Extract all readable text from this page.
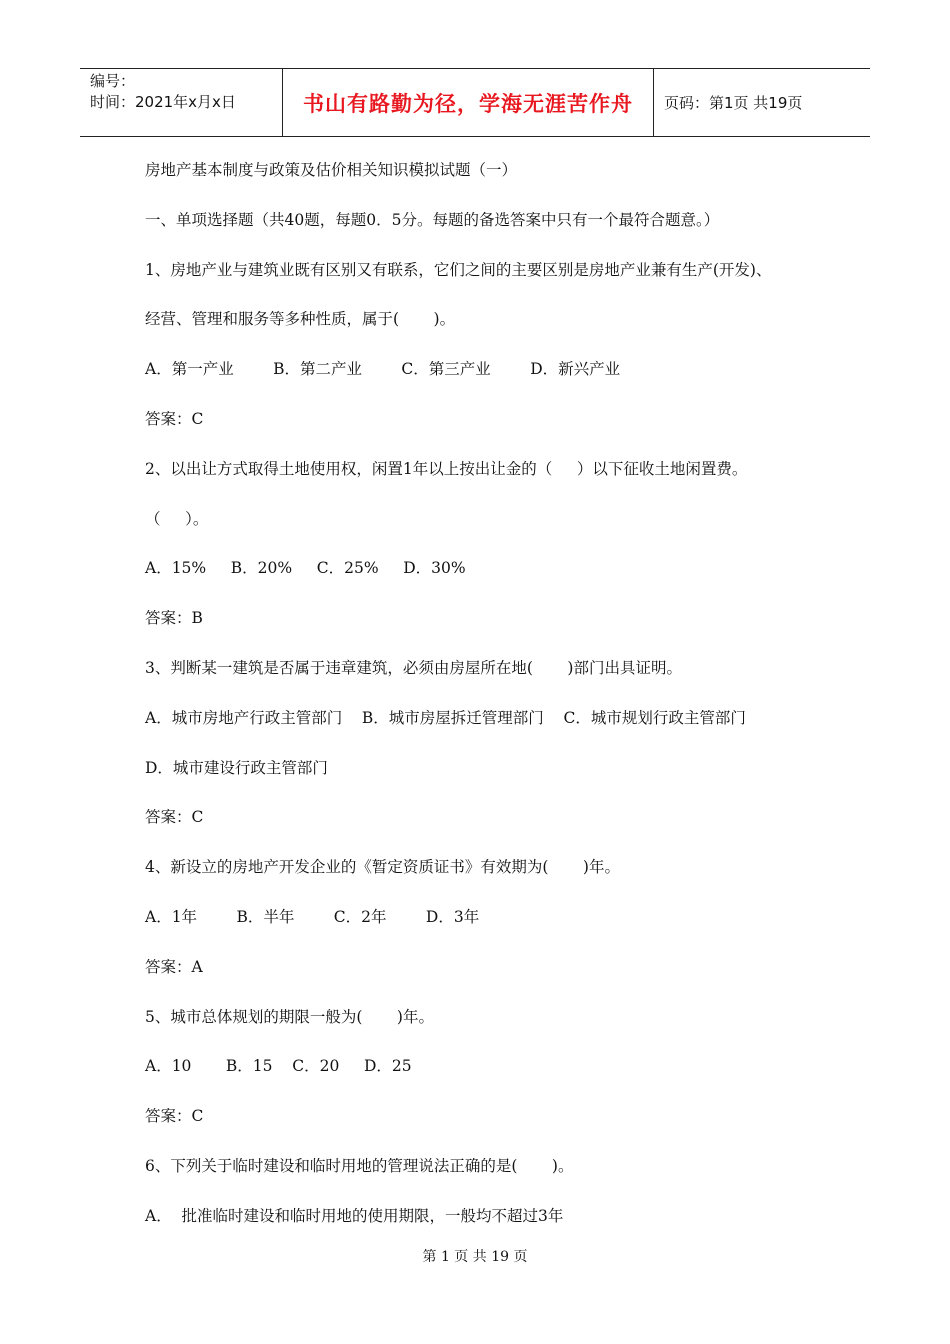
编号：
时间：2021年x月x日	书山有路勤为径，学海无涯苦作舟 页码：第1页 共19页
房地产基本制度与政策及估价相关知识模拟试题（一）
一、单项选择题（共40题，每题0．5分。每题的备选答案中只有一个最符合题意。）
1、房地产业与建筑业既有区别又有联系，它们之间的主要区别是房地产业兼有生产(开发)、
经营、管理和服务等多种性质，属于(       )。
A．第一产业        B．第二产业        C．第三产业        D．新兴产业
答案：C
2、以出让方式取得土地使用权，闲置1年以上按出让金的（     ）以下征收土地闲置费。
（     ）。
A．15%     B．20%     C．25%     D．30%
答案：B
3、判断某一建筑是否属于违章建筑，必须由房屋所在地(       )部门出具证明。
A．城市房地产行政主管部门    B．城市房屋拆迁管理部门    C．城市规划行政主管部门
D．城市建设行政主管部门
答案：C
4、新设立的房地产开发企业的《暂定资质证书》有效期为(       )年。
A．1年        B．半年        C．2年        D．3年
答案：A
5、城市总体规划的期限一般为(       )年。
A．10       B．15    C．20     D．25
答案：C
6、下列关于临时建设和临时用地的管理说法正确的是(       )。
A．  批准临时建设和临时用地的使用期限，一般均不超过3年
第 1 页 共 19 页
